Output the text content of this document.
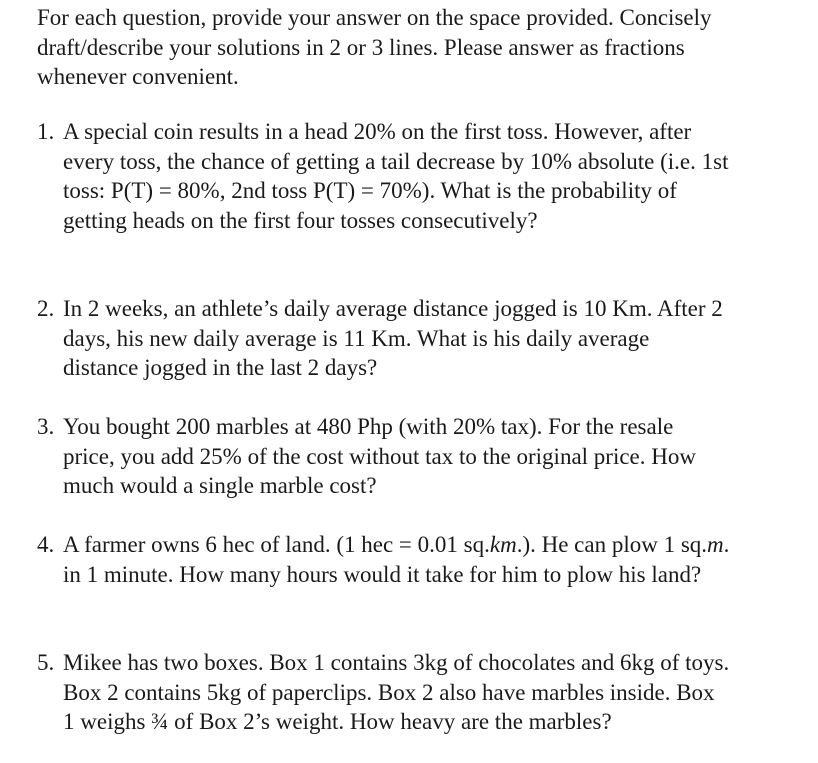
For each question, provide your answer on the space provided. Concisely
draft/describe your solutions in 2 or 3 lines. Please answer as fractions
whenever convenient.

1. A special coin results in a head 20% on the first toss. However, after
every toss, the chance of getting a tail decrease by 10% absolute (i.e. 1st
toss: P(T) = 80%, 2nd toss P(T) = 70%). What is the probability of
getting heads on the first four tosses consecutively?

2. In 2 weeks, an athlete’s daily average distance jogged is 10 Km. After 2
days, his new daily average is 11 Km. What is his daily average
distance jogged in the last 2 days?

3. You bought 200 marbles at 480 Php (with 20% tax). For the resale
price, you add 25% of the cost without tax to the original price. How
much would a single marble cost?

4. A farmer owns 6 hec of land. (1 hec = 0.01 sq.km.). He can plow 1 sq.m.
in 1 minute. How many hours would it take for him to plow his land?

5. Mikee has two boxes. Box 1 contains 3kg of chocolates and 6kg of toys.
Box 2 contains 5kg of paperclips. Box 2 also have marbles inside. Box
1 weighs ¾ of Box 2’s weight. How heavy are the marbles?
